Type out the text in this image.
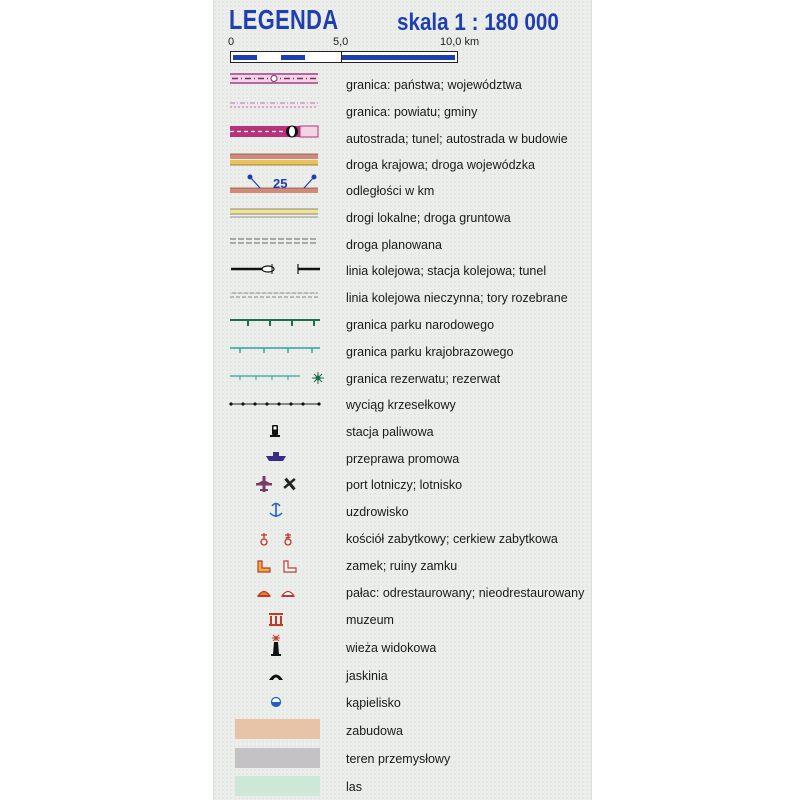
LEGENDA skala 1 : 180 000
0	5,0	10,0 km
granica: państwa; województwa
granica: powiatu; gminy
autostrada; tunel; autostrada w budowie
droga krajowa; droga wojewódzka
25	odległości w km
drogi lokalne; droga gruntowa
droga planowana
linia kolejowa; stacja kolejowa; tunel
linia kolejowa nieczynna; tory rozebrane
granica parku narodowego
granica parku krajobrazowego
granica rezerwatu; rezerwat
wyciąg krzesełkowy
stacja paliwowa
przeprawa promowa
port lotniczy; lotnisko
uzdrowisko
kościół zabytkowy; cerkiew zabytkowa
zamek; ruiny zamku
pałac: odrestaurowany; nieodrestaurowany
muzeum
wieża widokowa
jaskinia
kąpielisko
zabudowa
teren przemysłowy
las
